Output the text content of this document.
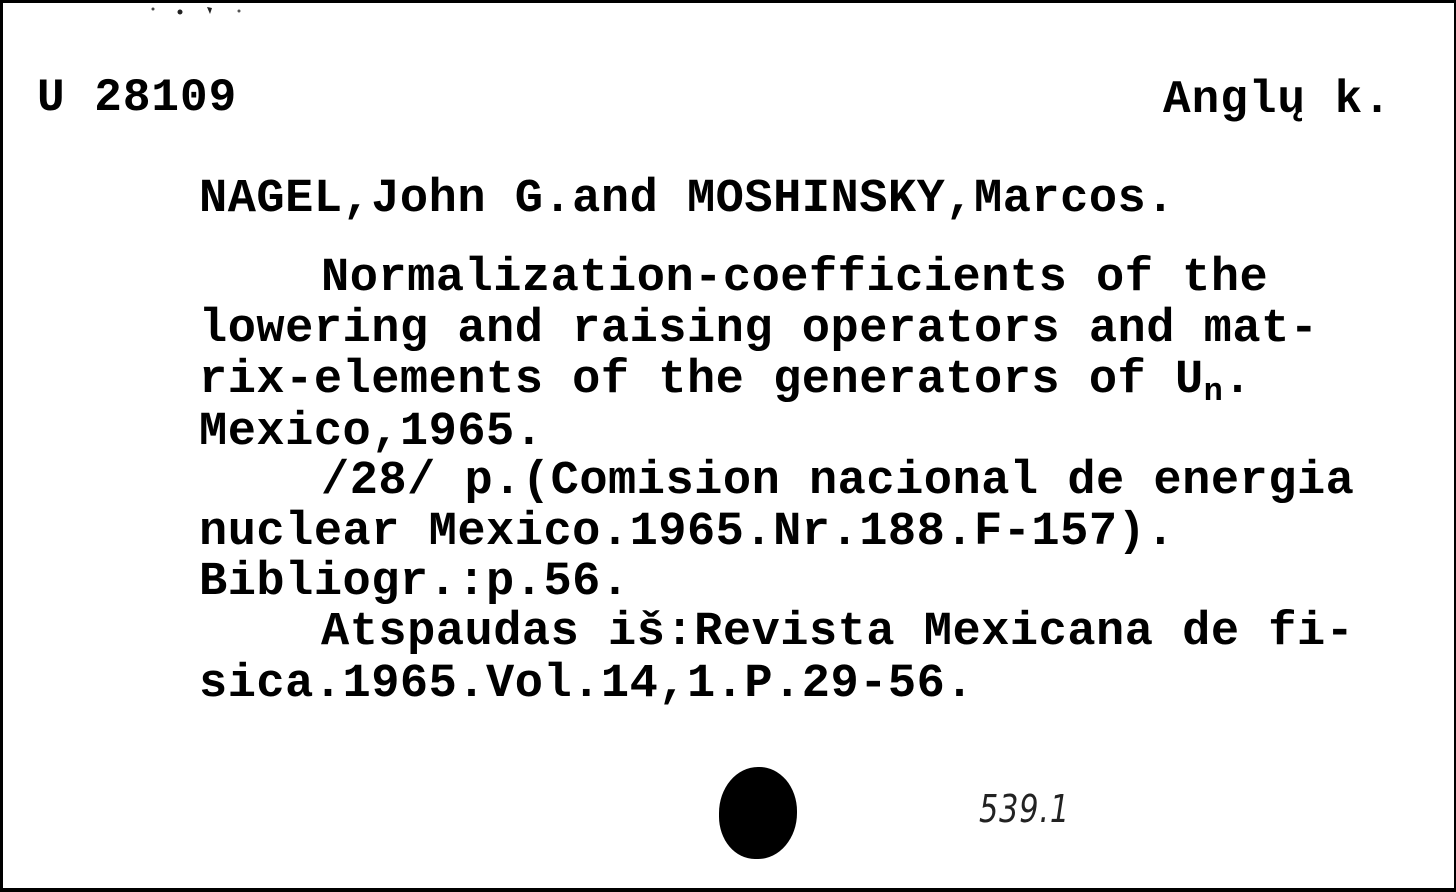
U 28109	Anglų k.
NAGEL,John G.and MOSHINSKY,Marcos.
Normalization-coefficients of the
lowering and raising operators and mat-
rix-elements of the generators of $U_n$.
Mexico,1965.
/28/ p.(Comision nacional de energia
nuclear Mexico.1965.Nr.188.F-157).
Bibliogr.:p.56.
Atspaudas iš:Revista Mexicana de fi-
sica.1965.Vol.14,1.P.29-56.
539.1
